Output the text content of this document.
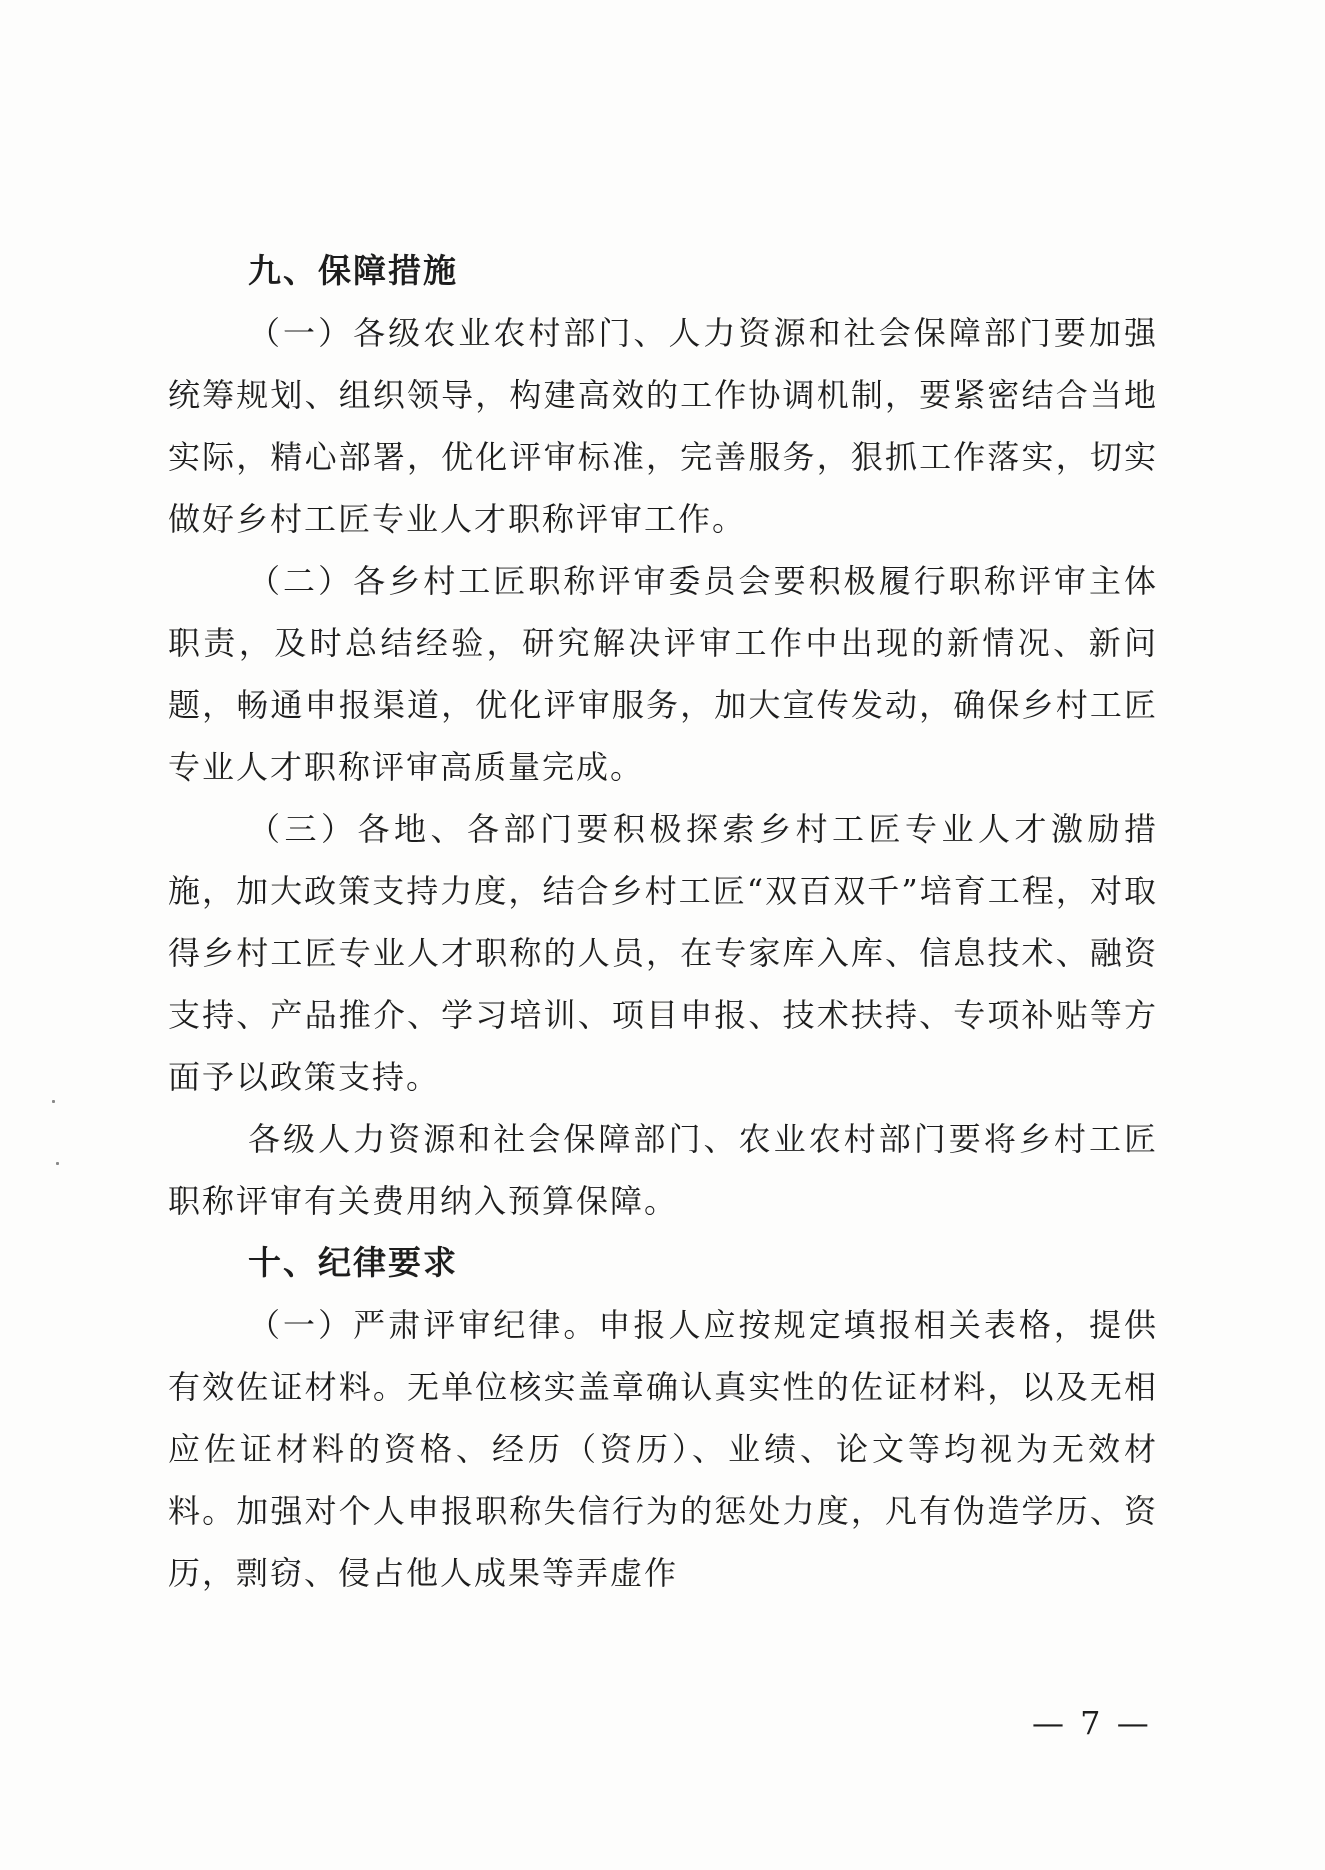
九、保障措施

（一）各级农业农村部门、人力资源和社会保障部门要加强统筹规划、组织领导，构建高效的工作协调机制，要紧密结合当地实际，精心部署，优化评审标准，完善服务，狠抓工作落实，切实做好乡村工匠专业人才职称评审工作。

（二）各乡村工匠职称评审委员会要积极履行职称评审主体职责，及时总结经验，研究解决评审工作中出现的新情况、新问题，畅通申报渠道，优化评审服务，加大宣传发动，确保乡村工匠专业人才职称评审高质量完成。

（三）各地、各部门要积极探索乡村工匠专业人才激励措施，加大政策支持力度，结合乡村工匠“双百双千”培育工程，对取得乡村工匠专业人才职称的人员，在专家库入库、信息技术、融资支持、产品推介、学习培训、项目申报、技术扶持、专项补贴等方面予以政策支持。

各级人力资源和社会保障部门、农业农村部门要将乡村工匠职称评审有关费用纳入预算保障。

十、纪律要求

（一）严肃评审纪律。申报人应按规定填报相关表格，提供有效佐证材料。无单位核实盖章确认真实性的佐证材料，以及无相应佐证材料的资格、经历（资历）、业绩、论文等均视为无效材料。加强对个人申报职称失信行为的惩处力度，凡有伪造学历、资历，剽窃、侵占他人成果等弄虚作

— 7 —
